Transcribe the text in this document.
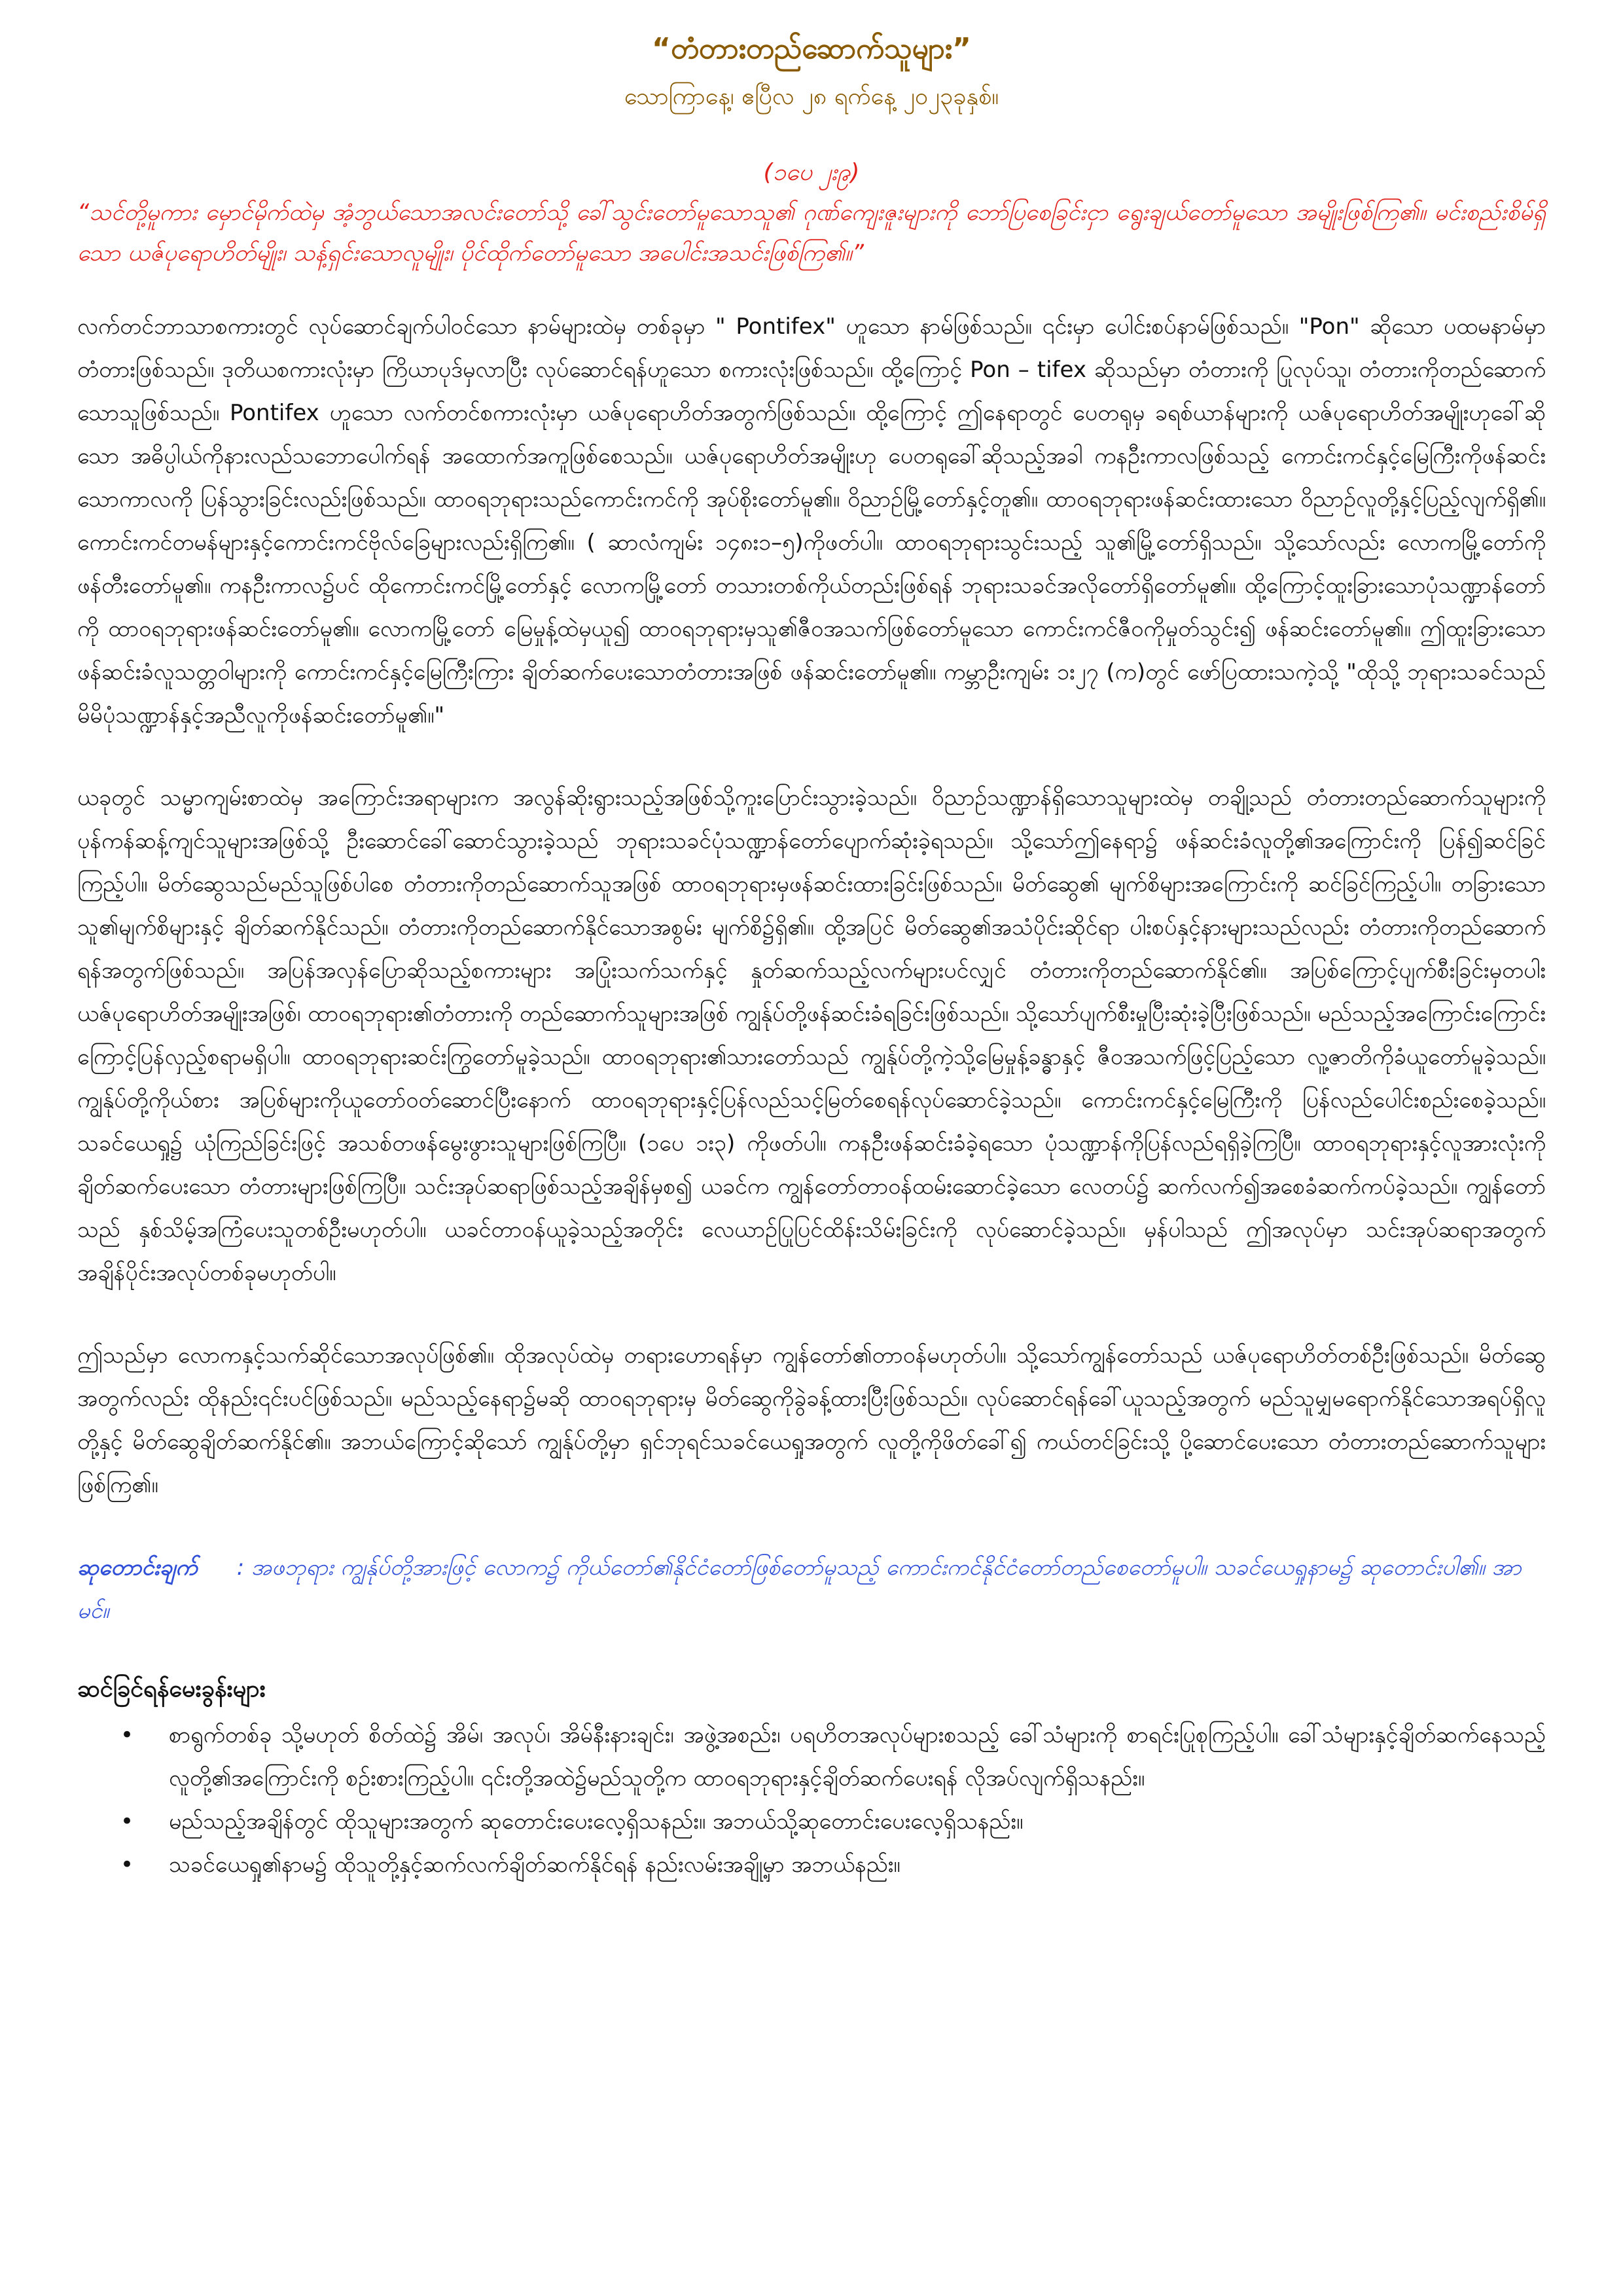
“တံတားတည်ဆောက်သူများ”

သောကြာနေ့၊ ဧပြီလ ၂၈ ရက်နေ့ ၂၀၂၃ခုနှစ်။

(၁ပေ ၂း၉)

“သင်တို့မူကား မှောင်မိုက်ထဲမှ အံ့ဘွယ်သောအလင်းတော်သို့ ခေါ်သွင်းတော်မူသောသူ၏ ဂုဏ်ကျေးဇူးများကို ဘော်ပြစေခြင်းငှာ ရွေးချယ်တော်မူသော အမျိုးဖြစ်ကြ၏။ မင်းစည်းစိမ်ရှိသော ယဇ်ပုရောဟိတ်မျိုး၊ သန့်ရှင်းသောလူမျိုး၊ ပိုင်ထိုက်တော်မူသော အပေါင်းအသင်းဖြစ်ကြ၏။”

လက်တင်ဘာသာစကားတွင် လုပ်ဆောင်ချက်ပါဝင်သော နာမ်များထဲမှ တစ်ခုမှာ " Pontifex" ဟူသော နာမ်ဖြစ်သည်။ ၎င်းမှာ ပေါင်းစပ်နာမ်ဖြစ်သည်။ "Pon" ဆိုသော ပထမနာမ်မှာ တံတားဖြစ်သည်။ ဒုတိယစကားလုံးမှာ ကြိယာပုဒ်မှလာပြီး လုပ်ဆောင်ရန်ဟူသော စကားလုံးဖြစ်သည်။ ထို့ကြောင့် Pon – tifex ဆိုသည်မှာ တံတားကို ပြုလုပ်သူ၊ တံတားကိုတည်ဆောက်သောသူဖြစ်သည်။ Pontifex ဟူသော လက်တင်စကားလုံးမှာ ယဇ်ပုရောဟိတ်အတွက်ဖြစ်သည်။ ထို့ကြောင့် ဤနေရာတွင် ပေတရုမှ ခရစ်ယာန်များကို ယဇ်ပုရောဟိတ်အမျိုးဟုခေါ်ဆိုသော အဓိပ္ပါယ်ကိုနားလည်သဘောပေါက်ရန် အထောက်အကူဖြစ်စေသည်။ ယဇ်ပုရောဟိတ်အမျိုးဟု ပေတရုခေါ်ဆိုသည့်အခါ ကနဦးကာလဖြစ်သည့် ကောင်းကင်နှင့်မြေကြီးကိုဖန်ဆင်းသောကာလကို ပြန်သွားခြင်းလည်းဖြစ်သည်။ ထာဝရဘုရားသည်ကောင်းကင်ကို အုပ်စိုးတော်မူ၏။ ဝိညာဉ်မြို့တော်နှင့်တူ၏။ ထာဝရဘုရားဖန်ဆင်းထားသော ဝိညာဉ်လူတို့နှင့်ပြည့်လျက်ရှိ၏။ ကောင်းကင်တမန်များနှင့်ကောင်းကင်ဗိုလ်ခြေများလည်းရှိကြ၏။ ( ဆာလံကျမ်း ၁၄၈း၁–၅)ကိုဖတ်ပါ။ ထာဝရဘုရားသွင်းသည့် သူ၏မြို့တော်ရှိသည်။ သို့သော်လည်း လောကမြို့တော်ကိုဖန်တီးတော်မူ၏။ ကနဦးကာလ၌ပင် ထိုကောင်းကင်မြို့တော်နှင့် လောကမြို့တော် တသားတစ်ကိုယ်တည်းဖြစ်ရန် ဘုရားသခင်အလိုတော်ရှိတော်မူ၏။ ထို့ကြောင့်ထူးခြားသောပုံသဏ္ဍာန်တော်ကို ထာဝရဘုရားဖန်ဆင်းတော်မူ၏။ လောကမြို့တော် မြေမှုန့်ထဲမှယူ၍ ထာဝရဘုရားမှသူ၏ဇီဝအသက်ဖြစ်တော်မူသော ကောင်းကင်ဇီဝကိုမှုတ်သွင်း၍ ဖန်ဆင်းတော်မူ၏။ ဤထူးခြားသော ဖန်ဆင်းခံလူသတ္တဝါများကို ကောင်းကင်နှင့်မြေကြီးကြား ချိတ်ဆက်ပေးသောတံတားအဖြစ် ဖန်ဆင်းတော်မူ၏။ ကမ္ဘာဦးကျမ်း ၁း၂၇ (က)တွင် ဖော်ပြထားသကဲ့သို့ "ထိုသို့ ဘုရားသခင်သည် မိမိပုံသဏ္ဍာန်နှင့်အညီလူကိုဖန်ဆင်းတော်မူ၏။"

ယခုတွင် သမ္မာကျမ်းစာထဲမှ အကြောင်းအရာများက အလွန်ဆိုးရွားသည့်အဖြစ်သို့ကူးပြောင်းသွားခဲ့သည်။ ဝိညာဉ်သဏ္ဍာန်ရှိသောသူများထဲမှ တချို့သည် တံတားတည်ဆောက်သူများကို ပုန်ကန်ဆန့်ကျင်သူများအဖြစ်သို့ ဦးဆောင်ခေါ်ဆောင်သွားခဲ့သည် ဘုရားသခင်ပုံသဏ္ဍာန်တော်ပျောက်ဆုံးခဲ့ရသည်။ သို့သော်ဤနေရာ၌ ဖန်ဆင်းခံလူတို့၏အကြောင်းကို ပြန်၍ဆင်ခြင်ကြည့်ပါ။ မိတ်ဆွေသည်မည်သူဖြစ်ပါစေ တံတားကိုတည်ဆောက်သူအဖြစ် ထာဝရဘုရားမှဖန်ဆင်းထားခြင်းဖြစ်သည်။ မိတ်ဆွေ၏ မျက်စိများအကြောင်းကို ဆင်ခြင်ကြည့်ပါ။ တခြားသောသူ၏မျက်စိများနှင့် ချိတ်ဆက်နိုင်သည်။ တံတားကိုတည်ဆောက်နိုင်သောအစွမ်း မျက်စိ၌ရှိ၏။ ထို့အပြင် မိတ်ဆွေ၏အသံပိုင်းဆိုင်ရာ ပါးစပ်နှင့်နားများသည်လည်း တံတားကိုတည်ဆောက်ရန်အတွက်ဖြစ်သည်။ အပြန်အလှန်ပြောဆိုသည့်စကားများ အပြုံးသက်သက်နှင့် နှုတ်ဆက်သည့်လက်များပင်လျှင် တံတားကိုတည်ဆောက်နိုင်၏။ အပြစ်ကြောင့်ပျက်စီးခြင်းမှတပါး ယဇ်ပုရောဟိတ်အမျိုးအဖြစ်၊ ထာဝရဘုရား၏တံတားကို တည်ဆောက်သူများအဖြစ် ကျွန်ုပ်တို့ဖန်ဆင်းခံရခြင်းဖြစ်သည်။ သို့သော်ပျက်စီးမှုပြီးဆုံးခဲ့ပြီးဖြစ်သည်။ မည်သည့်အကြောင်းကြောင်းကြောင့်ပြန်လှည့်စရာမရှိပါ။ ထာဝရဘုရားဆင်းကြွတော်မူခဲ့သည်။ ထာဝရဘုရား၏သားတော်သည် ကျွန်ုပ်တို့ကဲ့သို့မြေမှုန့်ခန္ဓာနှင့် ဇီဝအသက်ဖြင့်ပြည့်သော လူ့ဇာတိကိုခံယူတော်မူခဲ့သည်။ ကျွန်ုပ်တို့ကိုယ်စား အပြစ်များကိုယူတော်ဝတ်ဆောင်ပြီးနောက် ထာဝရဘုရားနှင့်ပြန်လည်သင့်မြတ်စေရန်လုပ်ဆောင်ခဲ့သည်။ ကောင်းကင်နှင့်မြေကြီးကို ပြန်လည်ပေါင်းစည်းစေခဲ့သည်။ သခင်ယေရှု၌ ယုံကြည်ခြင်းဖြင့် အသစ်တဖန်မွေးဖွားသူများဖြစ်ကြပြီ။ (၁ပေ ၁း၃) ကိုဖတ်ပါ။ ကနဦးဖန်ဆင်းခံခဲ့ရသော ပုံသဏ္ဍာန်ကိုပြန်လည်ရရှိခဲ့ကြပြီ။ ထာဝရဘုရားနှင့်လူအားလုံးကိုချိတ်ဆက်ပေးသော တံတားများဖြစ်ကြပြီ။ သင်းအုပ်ဆရာဖြစ်သည့်အချိန်မှစ၍ ယခင်က ကျွန်တော်တာဝန်ထမ်းဆောင်ခဲ့သော လေတပ်၌ ဆက်လက်၍အစေခံဆက်ကပ်ခဲ့သည်။ ကျွန်တော်သည် နှစ်သိမ့်အကြံပေးသူတစ်ဦးမဟုတ်ပါ။ ယခင်တာဝန်ယူခဲ့သည့်အတိုင်း လေယာဉ်ပြုပြင်ထိန်းသိမ်းခြင်းကို လုပ်ဆောင်ခဲ့သည်။ မှန်ပါသည် ဤအလုပ်မှာ သင်းအုပ်ဆရာအတွက် အချိန်ပိုင်းအလုပ်တစ်ခုမဟုတ်ပါ။

ဤသည်မှာ လောကနှင့်သက်ဆိုင်သောအလုပ်ဖြစ်၏။ ထိုအလုပ်ထဲမှ တရားဟောရန်မှာ ကျွန်တော်၏တာဝန်မဟုတ်ပါ။ သို့သော်ကျွန်တော်သည် ယဇ်ပုရောဟိတ်တစ်ဦးဖြစ်သည်။ မိတ်ဆွေအတွက်လည်း ထိုနည်း၎င်းပင်ဖြစ်သည်။ မည်သည့်နေရာ၌မဆို ထာဝရဘုရားမှ မိတ်ဆွေကိုခွဲခန့်ထားပြီးဖြစ်သည်။ လုပ်ဆောင်ရန်ခေါ်ယူသည့်အတွက် မည်သူမျှမရောက်နိုင်သောအရပ်ရှိလူတို့နှင့် မိတ်ဆွေချိတ်ဆက်နိုင်၏။ အဘယ်ကြောင့်ဆိုသော် ကျွန်ုပ်တို့မှာ ရှင်ဘုရင်သခင်ယေရှုအတွက် လူတို့ကိုဖိတ်ခေါ်၍ ကယ်တင်ခြင်းသို့ ပို့ဆောင်ပေးသော တံတားတည်ဆောက်သူများဖြစ်ကြ၏။

ဆုတောင်းချက် : အဖဘုရား ကျွန်ုပ်တို့အားဖြင့် လောက၌ ကိုယ်တော်၏နိုင်ငံတော်ဖြစ်တော်မူသည့် ကောင်းကင်နိုင်ငံတော်တည်စေတော်မူပါ။ သခင်ယေရှုနာမ၌ ဆုတောင်းပါ၏။ အာမင်။
ဆင်ခြင်ရန်မေးခွန်းများ
• စာရွက်တစ်ခု သို့မဟုတ် စိတ်ထဲ၌ အိမ်၊ အလုပ်၊ အိမ်နီးနားချင်း၊ အဖွဲ့အစည်း၊ ပရဟိတအလုပ်များစသည့် ခေါ်သံများကို စာရင်းပြုစုကြည့်ပါ။ ခေါ်သံများနှင့်ချိတ်ဆက်နေသည့် လူတို့၏အကြောင်းကို စဉ်းစားကြည့်ပါ။ ၎င်းတို့အထဲ၌မည်သူတို့က ထာဝရဘုရားနှင့်ချိတ်ဆက်ပေးရန် လိုအပ်လျက်ရှိသနည်း။
• မည်သည့်အချိန်တွင် ထိုသူများအတွက် ဆုတောင်းပေးလေ့ရှိသနည်း။ အဘယ်သို့ဆုတောင်းပေးလေ့ရှိသနည်း။
• သခင်ယေရှု၏နာမ၌ ထိုသူတို့နှင့်ဆက်လက်ချိတ်ဆက်နိုင်ရန် နည်းလမ်းအချို့မှာ အဘယ်နည်း။
